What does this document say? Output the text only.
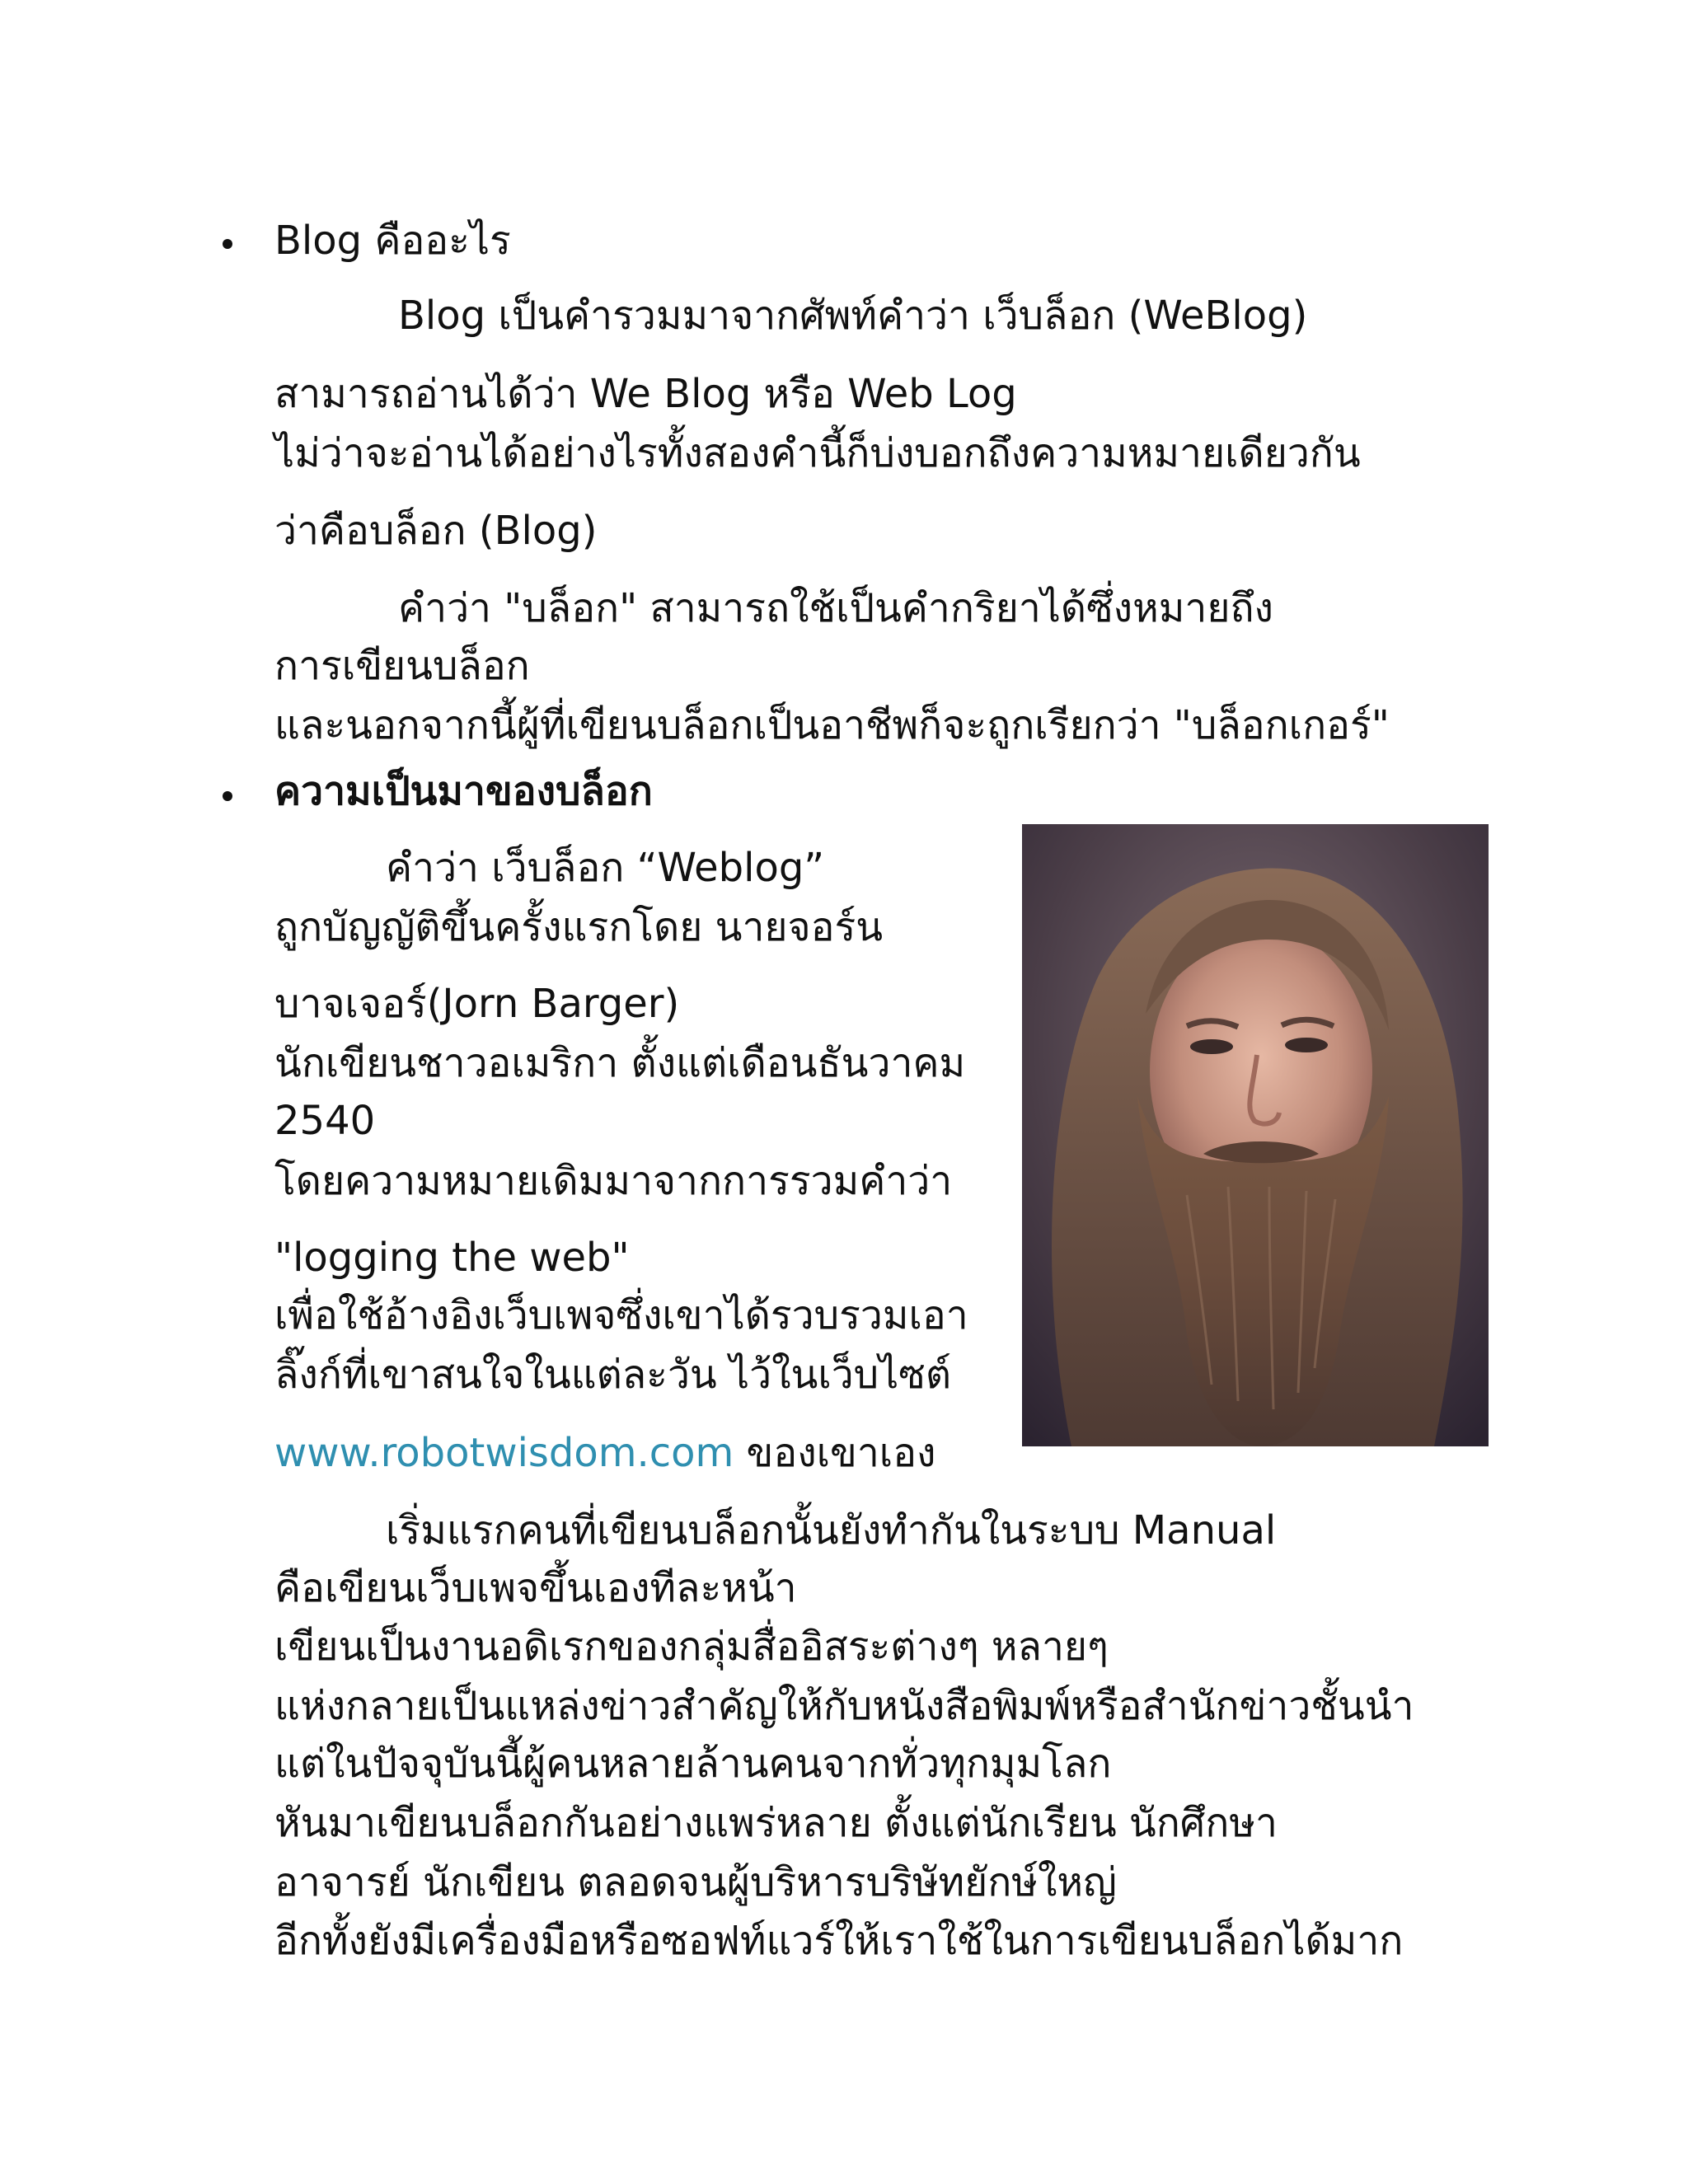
Blog คืออะไร
Blog เป็นคำรวมมาจากศัพท์คำว่า เว็บล็อก (WeBlog)
สามารถอ่านได้ว่า We Blog หรือ Web Log
ไม่ว่าจะอ่านได้อย่างไรทั้งสองคำนี้ก็บ่งบอกถึงความหมายเดียวกัน
ว่าคือบล็อก (Blog)
คำว่า "บล็อก" สามารถใช้เป็นคำกริยาได้ซึ่งหมายถึง
การเขียนบล็อก
และนอกจากนี้ผู้ที่เขียนบล็อกเป็นอาชีพก็จะถูกเรียกว่า "บล็อกเกอร์"
ความเป็นมาของบล็อก
คำว่า เว็บล็อก “Weblog”
ถูกบัญญัติขึ้นครั้งแรกโดย นายจอร์น
บาจเจอร์(Jorn Barger)
นักเขียนชาวอเมริกา ตั้งแต่เดือนธันวาคม
2540
โดยความหมายเดิมมาจากการรวมคำว่า
"logging the web"
เพื่อใช้อ้างอิงเว็บเพจซึ่งเขาได้รวบรวมเอา
ลิ๊งก์ที่เขาสนใจในแต่ละวัน ไว้ในเว็บไซต์
www.robotwisdom.com ของเขาเอง
เริ่มแรกคนที่เขียนบล็อกนั้นยังทำกันในระบบ Manual
คือเขียนเว็บเพจขึ้นเองทีละหน้า
เขียนเป็นงานอดิเรกของกลุ่มสื่ออิสระต่างๆ หลายๆ
แห่งกลายเป็นแหล่งข่าวสำคัญให้กับหนังสือพิมพ์หรือสำนักข่าวชั้นนำ
แต่ในปัจจุบันนี้ผู้คนหลายล้านคนจากทั่วทุกมุมโลก
หันมาเขียนบล็อกกันอย่างแพร่หลาย ตั้งแต่นักเรียน นักศึกษา
อาจารย์ นักเขียน ตลอดจนผู้บริหารบริษัทยักษ์ใหญ่
อีกทั้งยังมีเครื่องมือหรือซอฟท์แวร์ให้เราใช้ในการเขียนบล็อกได้มาก
